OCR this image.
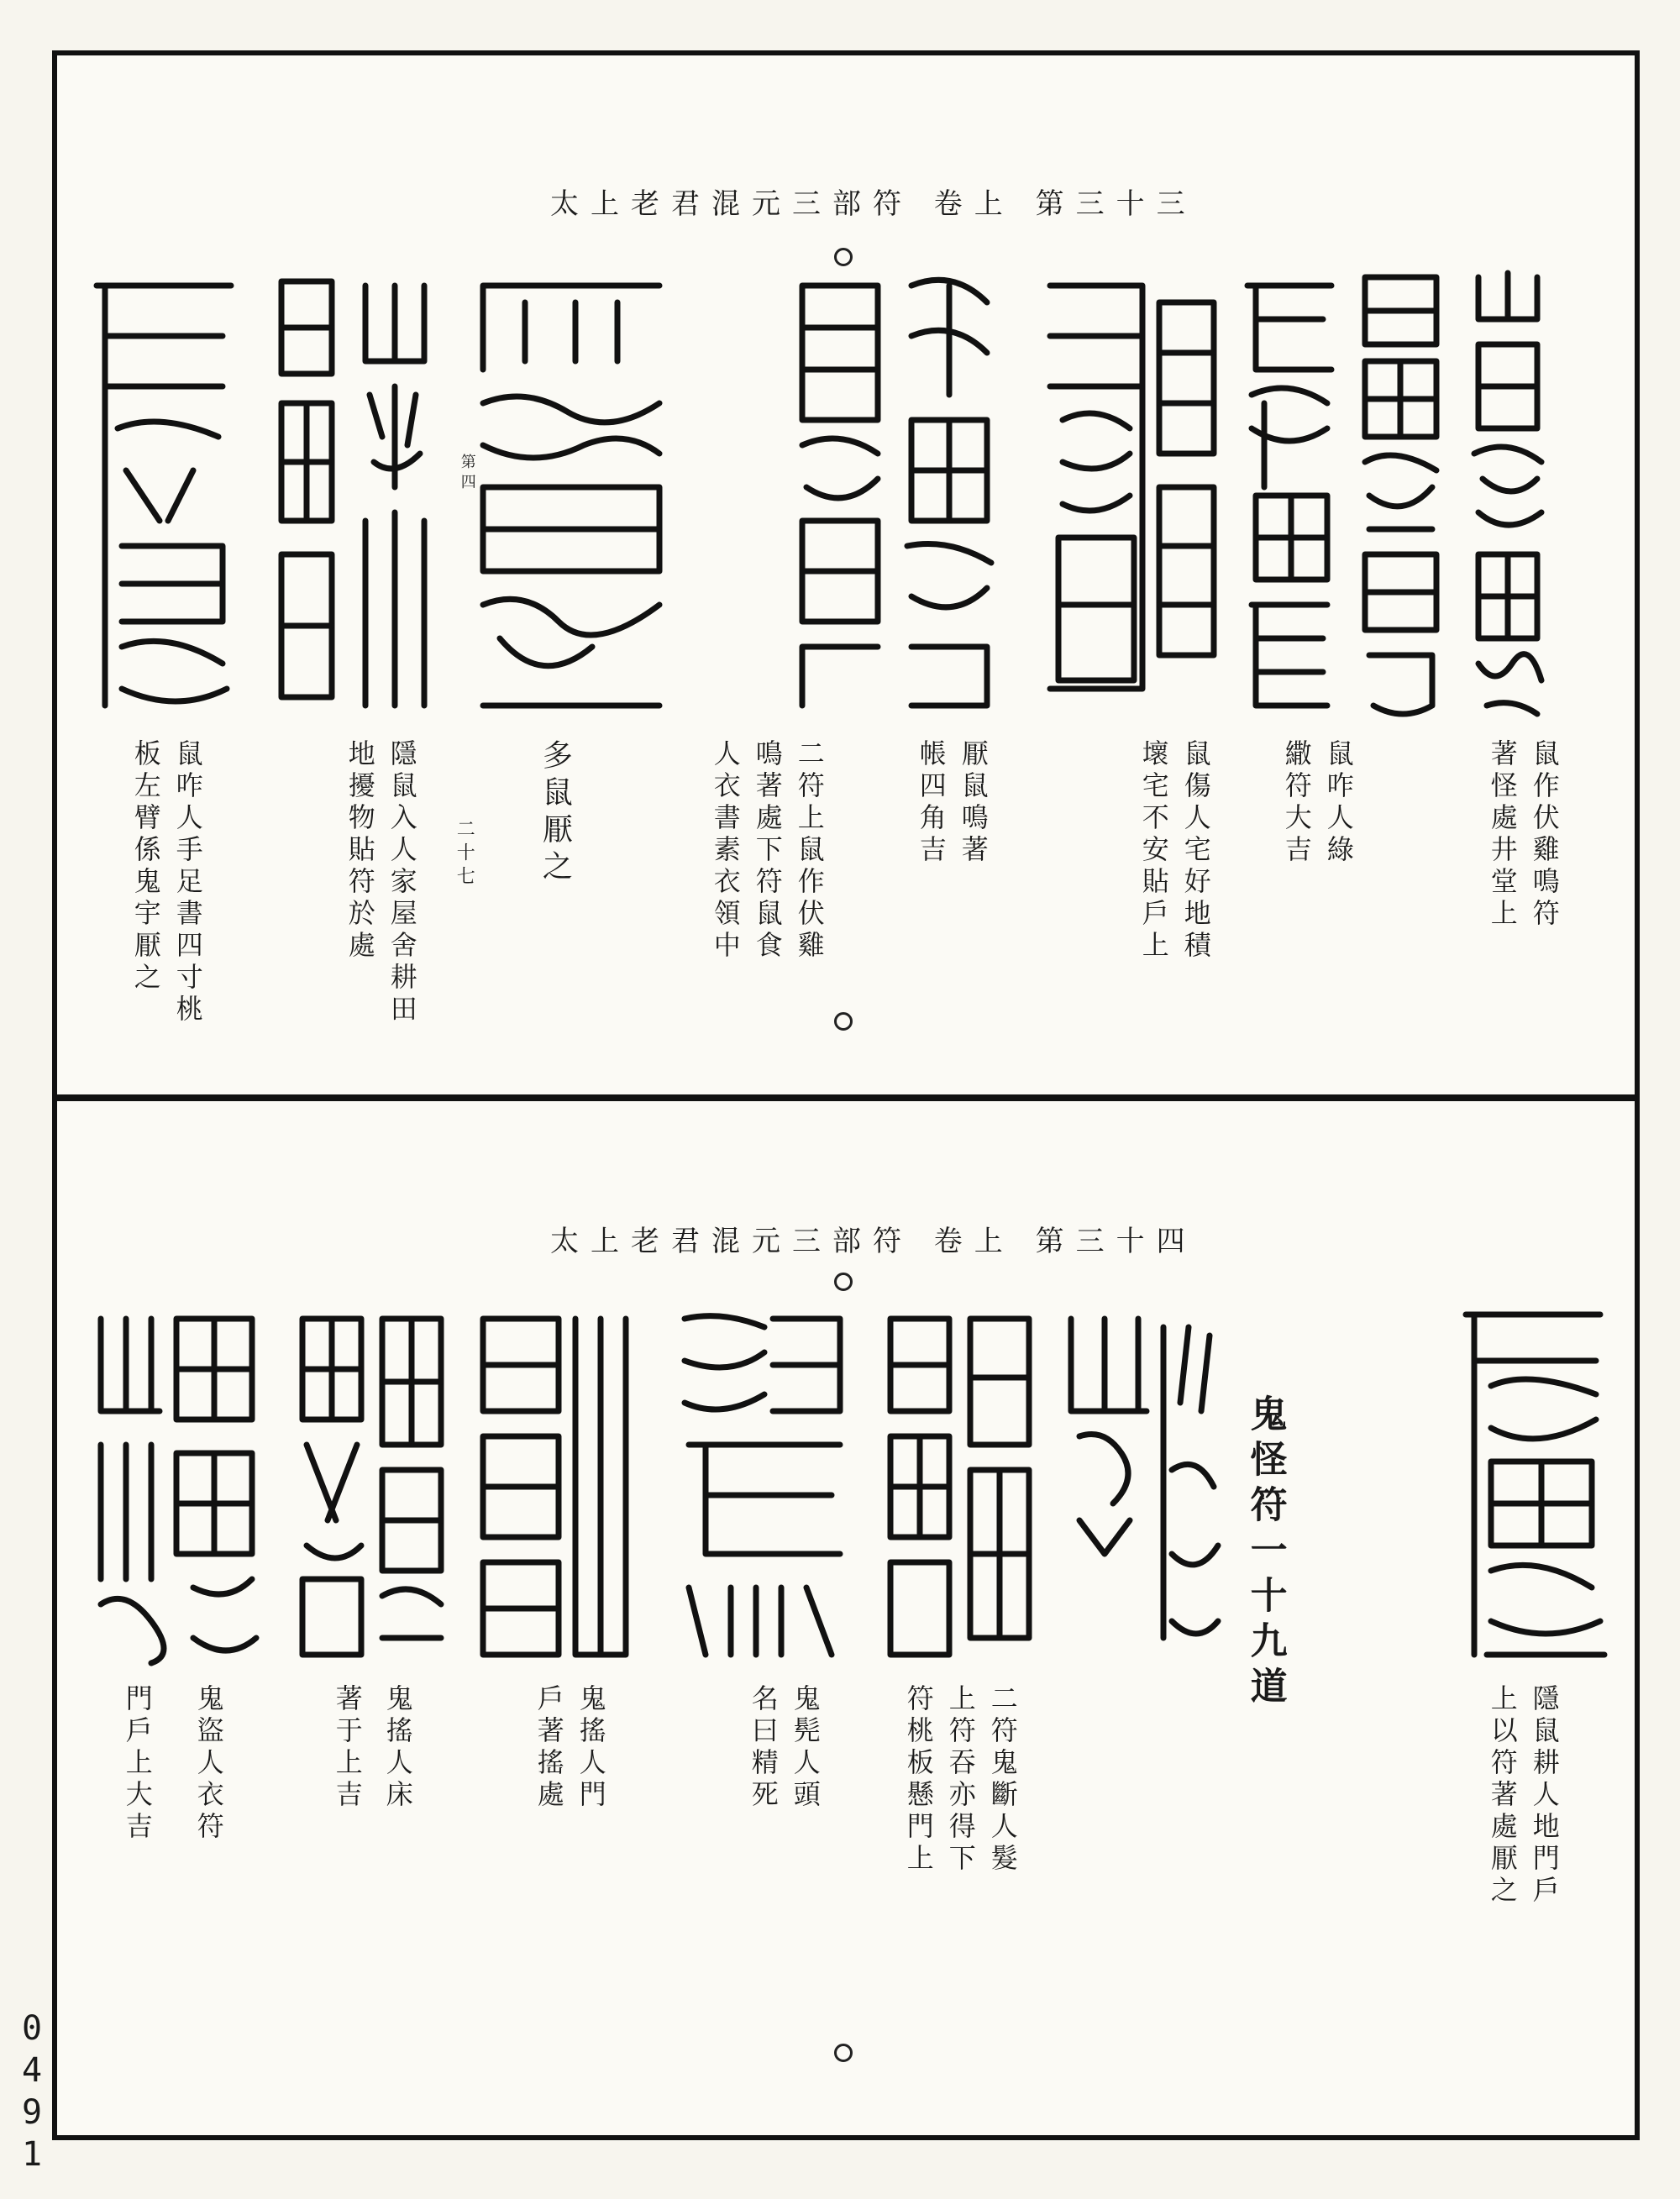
0
4
9
1
太上老君混元三部符 卷上 第三十三
鼠作伏雞鳴符
著怪處井堂上
鼠咋人綠
繖符大吉
鼠傷人宅好地積
壞宅不安貼戶上
厭鼠鳴著
帳四角吉
二符上鼠作伏雞
鳴著處下符鼠食
人衣書素衣領中
多鼠厭之
二十七
第四
隱鼠入人家屋舍耕田
地擾物貼符於處
鼠咋人手足書四寸桃
板左臂係鬼宇厭之
太上老君混元三部符 卷上 第三十四
鬼怪符一十九道
隱鼠耕人地門戶
上以符著處厭之
二符鬼斷人髮
上符吞亦得下
符桃板懸門上
鬼髡人頭
名曰精死
鬼搖人門
戶著搖處
鬼搖人床
著于上吉
鬼盜人衣符
門戶上大吉
